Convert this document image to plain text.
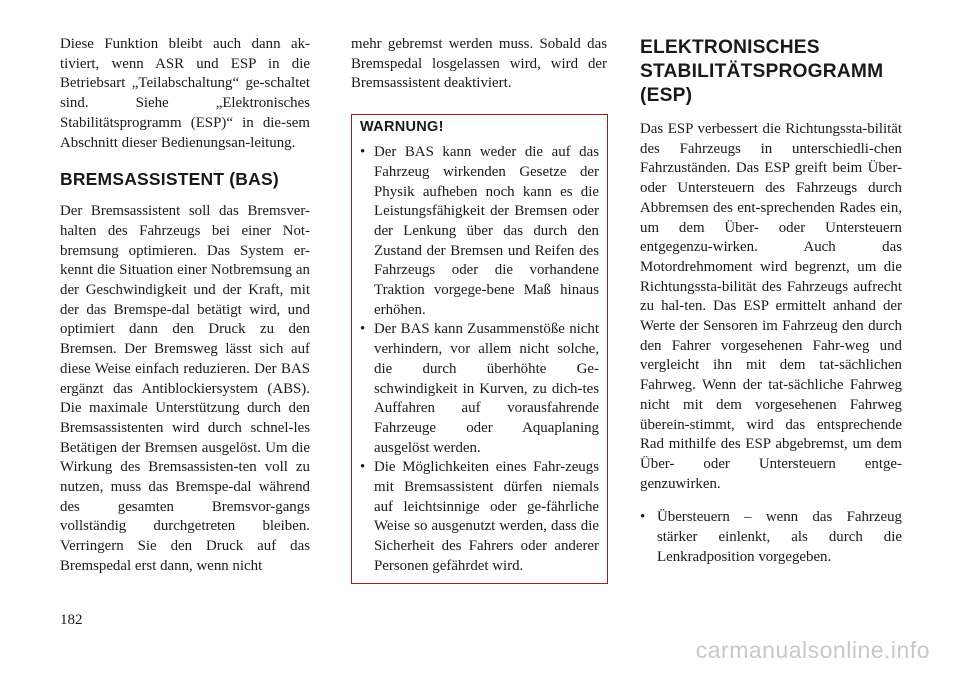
Diese Funktion bleibt auch dann ak-tiviert, wenn ASR und ESP in die Betriebsart „Teilabschaltung“ ge-schaltet sind. Siehe „Elektronisches Stabilitätsprogramm (ESP)“ in die-sem Abschnitt dieser Bedienungsan-leitung.

BREMSASSISTENT (BAS)

Der Bremsassistent soll das Bremsver-halten des Fahrzeugs bei einer Not-bremsung optimieren. Das System er-kennt die Situation einer Notbremsung an der Geschwindigkeit und der Kraft, mit der das Bremspe-dal betätigt wird, und optimiert dann den Druck zu den Bremsen. Der Bremsweg lässt sich auf diese Weise einfach reduzieren. Der BAS ergänzt das Antiblockiersystem (ABS). Die maximale Unterstützung durch den Bremsassistenten wird durch schnel-les Betätigen der Bremsen ausgelöst. Um die Wirkung des Bremsassisten-ten voll zu nutzen, muss das Bremspe-dal während des gesamten Bremsvor-gangs vollständig durchgetreten bleiben. Verringern Sie den Druck auf das Bremspedal erst dann, wenn nicht

mehr gebremst werden muss. Sobald das Bremspedal losgelassen wird, wird der Bremsassistent deaktiviert.

WARNUNG!
• Der BAS kann weder die auf das Fahrzeug wirkenden Gesetze der Physik aufheben noch kann es die Leistungsfähigkeit der Bremsen oder der Lenkung über das durch den Zustand der Bremsen und Reifen des Fahrzeugs oder die vorhandene Traktion vorgege-bene Maß hinaus erhöhen.
• Der BAS kann Zusammenstöße nicht verhindern, vor allem nicht solche, die durch überhöhte Ge-schwindigkeit in Kurven, zu dich-tes Auffahren auf vorausfahrende Fahrzeuge oder Aquaplaning ausgelöst werden.
• Die Möglichkeiten eines Fahr-zeugs mit Bremsassistent dürfen niemals auf leichtsinnige oder ge-fährliche Weise so ausgenutzt werden, dass die Sicherheit des Fahrers oder anderer Personen gefährdet wird.
ELEKTRONISCHES
STABILITÄTSPROGRAMM
(ESP)

Das ESP verbessert die Richtungssta-bilität des Fahrzeugs in unterschiedli-chen Fahrzuständen. Das ESP greift beim Über- oder Untersteuern des Fahrzeugs durch Abbremsen des ent-sprechenden Rades ein, um dem Über- oder Untersteuern entgegenzu-wirken. Auch das Motordrehmoment wird begrenzt, um die Richtungssta-bilität des Fahrzeugs aufrecht zu hal-ten. Das ESP ermittelt anhand der Werte der Sensoren im Fahrzeug den durch den Fahrer vorgesehenen Fahr-weg und vergleicht ihn mit dem tat-sächlichen Fahrweg. Wenn der tat-sächliche Fahrweg nicht mit dem vorgesehenen Fahrweg überein-stimmt, wird das entsprechende Rad mithilfe des ESP abgebremst, um dem Über- oder Untersteuern entge-genzuwirken.

• Übersteuern – wenn das Fahrzeug stärker einlenkt, als durch die Lenkradposition vorgegeben.
182
carmanualsonline.info
